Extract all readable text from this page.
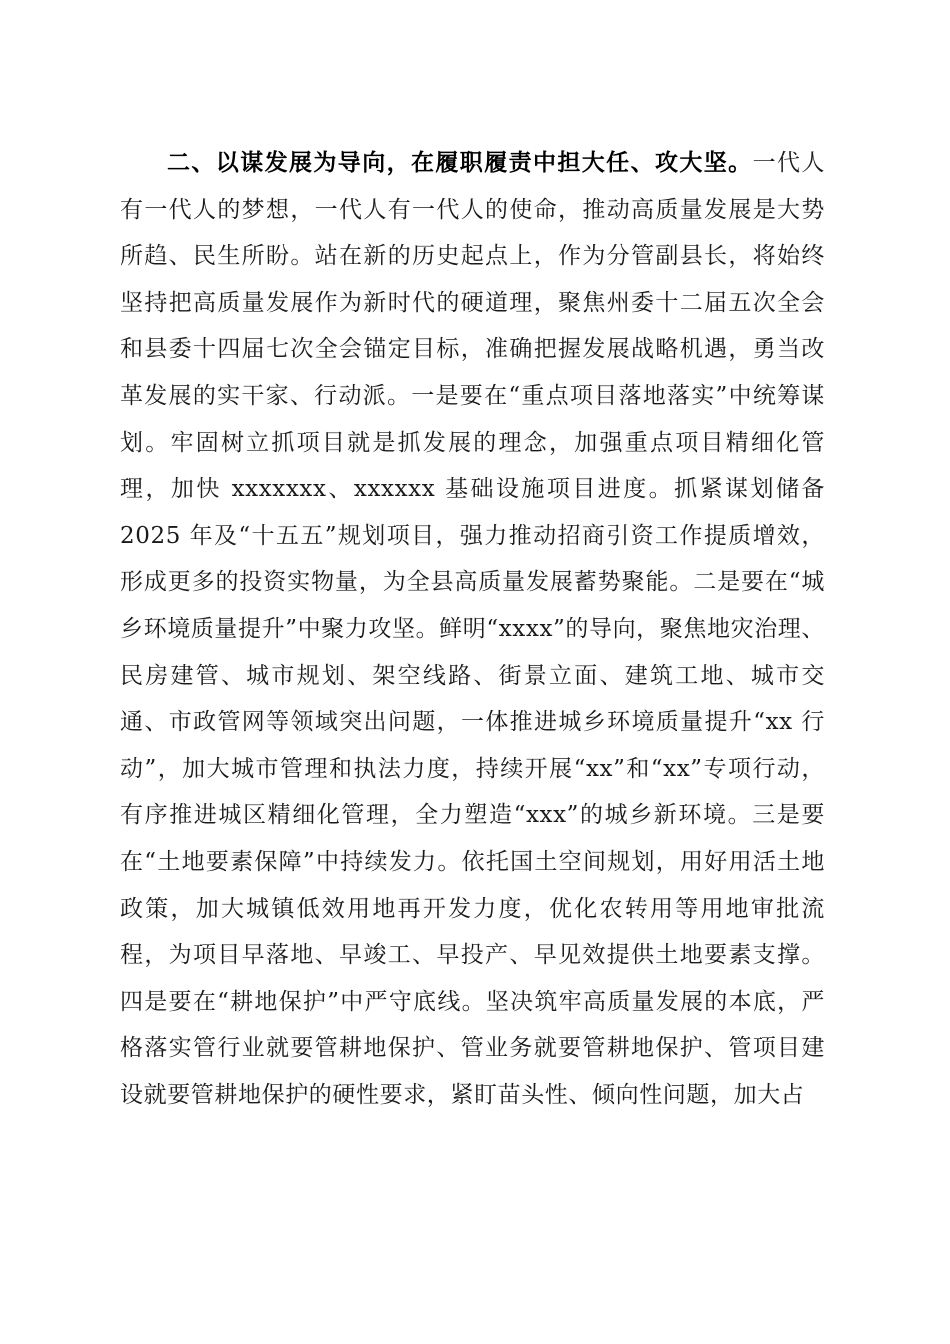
二、以谋发展为导向，在履职履责中担大任、攻大坚。一代人有一代人的梦想，一代人有一代人的使命，推动高质量发展是大势所趋、民生所盼。站在新的历史起点上，作为分管副县长，将始终坚持把高质量发展作为新时代的硬道理，聚焦州委十二届五次全会和县委十四届七次全会锚定目标，准确把握发展战略机遇，勇当改革发展的实干家、行动派。一是要在“重点项目落地落实”中统筹谋划。牢固树立抓项目就是抓发展的理念，加强重点项目精细化管理，加快 xxxxxxx、xxxxxx 基础设施项目进度。抓紧谋划储备 2025 年及“十五五”规划项目，强力推动招商引资工作提质增效，形成更多的投资实物量，为全县高质量发展蓄势聚能。二是要在“城乡环境质量提升”中聚力攻坚。鲜明“xxxx”的导向，聚焦地灾治理、民房建管、城市规划、架空线路、街景立面、建筑工地、城市交通、市政管网等领域突出问题，一体推进城乡环境质量提升“xx 行动”，加大城市管理和执法力度，持续开展“xx”和“xx”专项行动，有序推进城区精细化管理，全力塑造“xxx”的城乡新环境。三是要在“土地要素保障”中持续发力。依托国土空间规划，用好用活土地政策，加大城镇低效用地再开发力度，优化农转用等用地审批流程，为项目早落地、早竣工、早投产、早见效提供土地要素支撑。四是要在“耕地保护”中严守底线。坚决筑牢高质量发展的本底，严格落实管行业就要管耕地保护、管业务就要管耕地保护、管项目建设就要管耕地保护的硬性要求，紧盯苗头性、倾向性问题，加大占
